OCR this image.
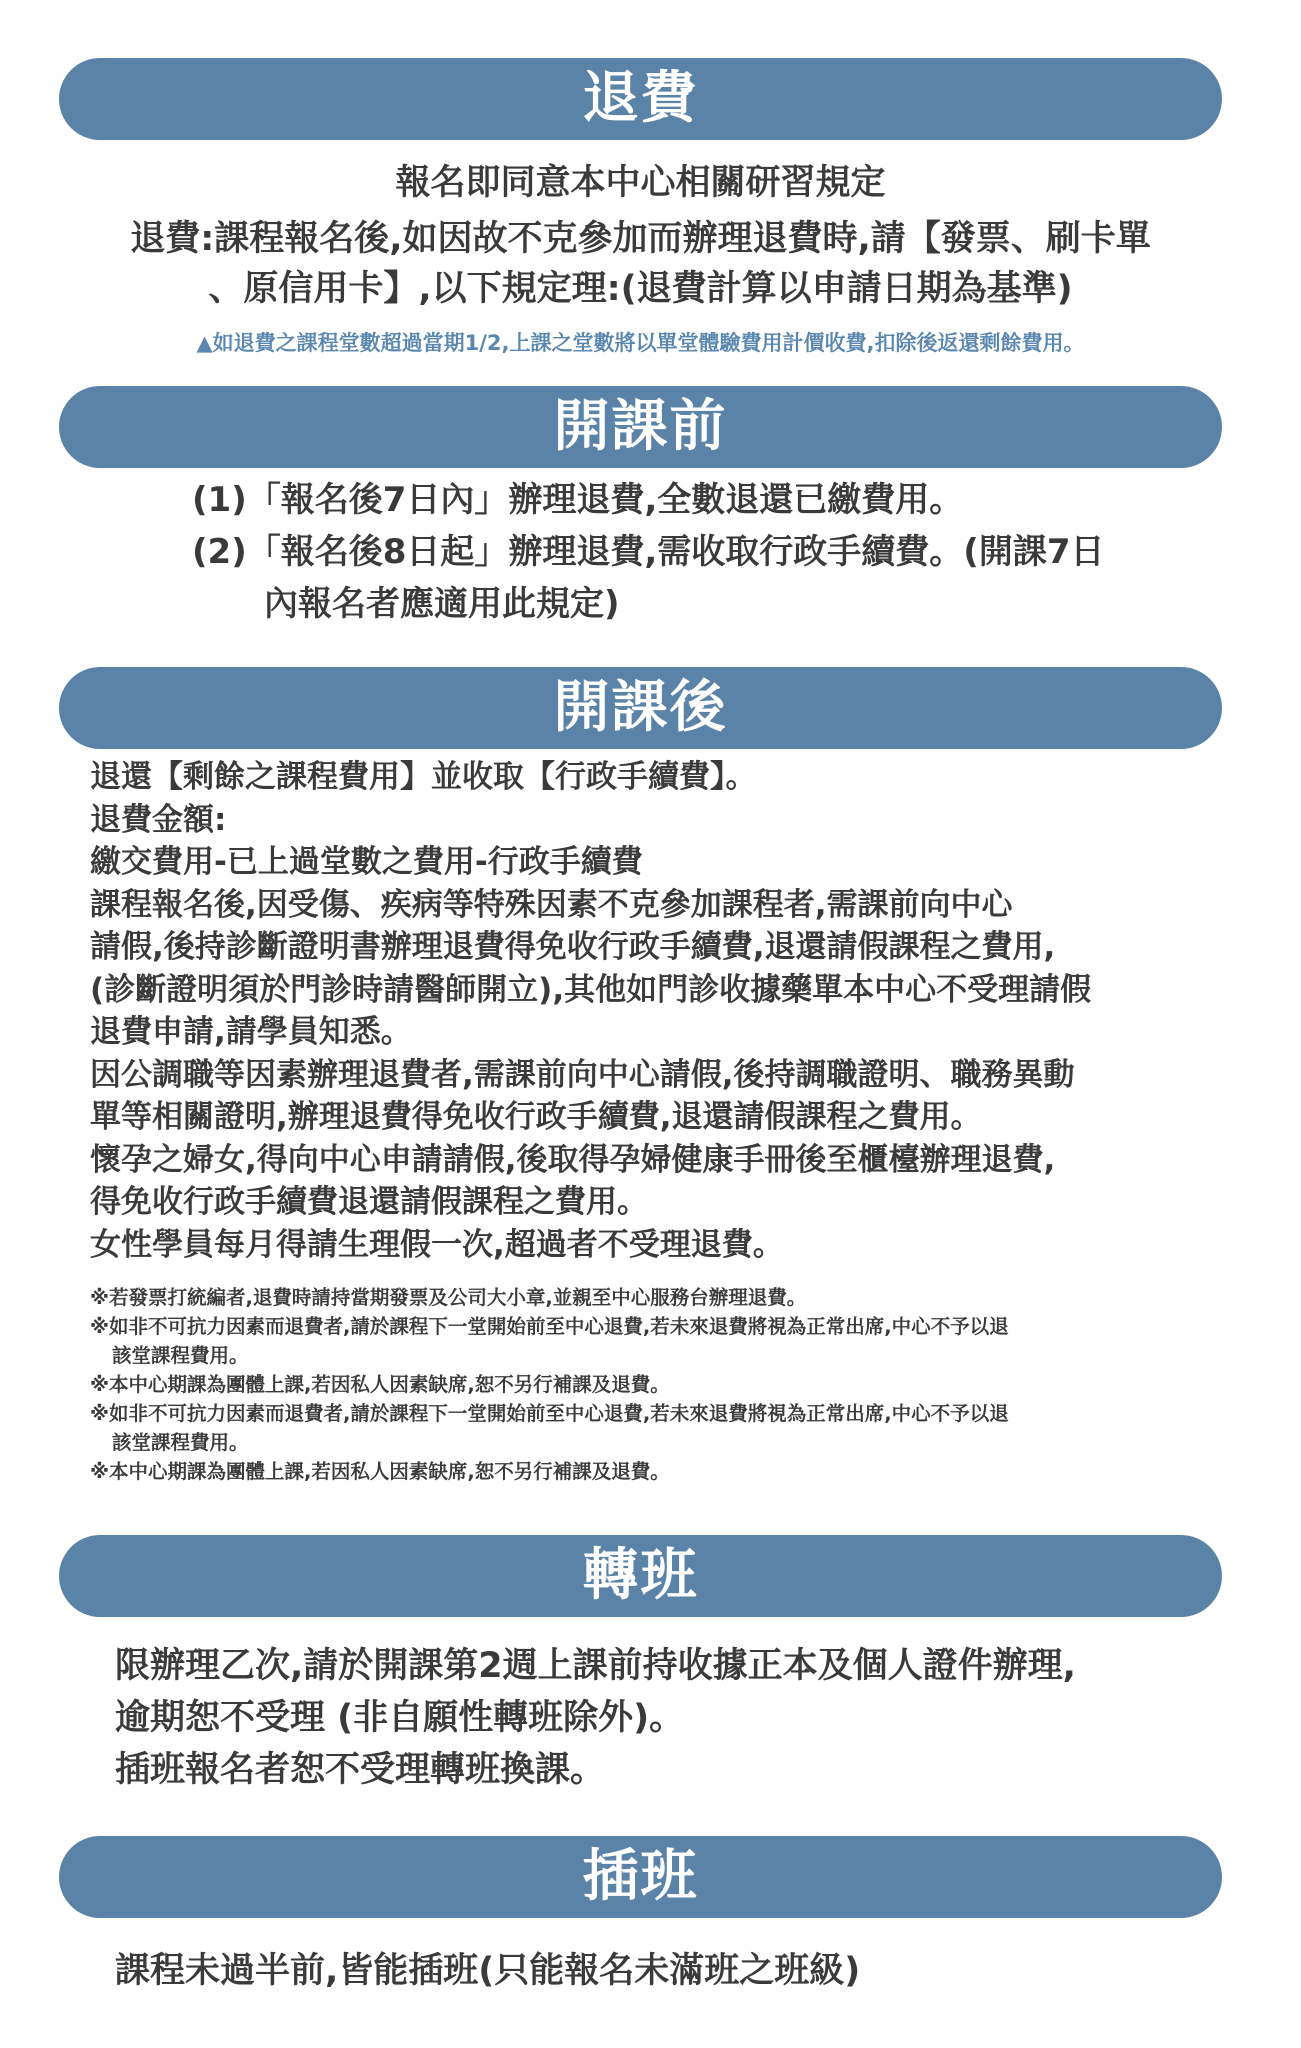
退費
報名即同意本中心相關研習規定
退費:課程報名後,如因故不克參加而辦理退費時,請【發票、刷卡單
、原信用卡】,以下規定理:(退費計算以申請日期為基準)
▲如退費之課程堂數超過當期1/2,上課之堂數將以單堂體驗費用計價收費,扣除後返還剩餘費用。
開課前
(1)「報名後7日內」辦理退費,全數退還已繳費用。
(2)「報名後8日起」辦理退費,需收取行政手續費。(開課7日
內報名者應適用此規定)
開課後
退還【剩餘之課程費用】並收取【行政手續費】。
退費金額:
繳交費用-已上過堂數之費用-行政手續費
課程報名後,因受傷、疾病等特殊因素不克參加課程者,需課前向中心
請假,後持診斷證明書辦理退費得免收行政手續費,退還請假課程之費用,
(診斷證明須於門診時請醫師開立),其他如門診收據藥單本中心不受理請假
退費申請,請學員知悉。
因公調職等因素辦理退費者,需課前向中心請假,後持調職證明、職務異動
單等相關證明,辦理退費得免收行政手續費,退還請假課程之費用。
懷孕之婦女,得向中心申請請假,後取得孕婦健康手冊後至櫃檯辦理退費,
得免收行政手續費退還請假課程之費用。
女性學員每月得請生理假一次,超過者不受理退費。
※若發票打統編者,退費時請持當期發票及公司大小章,並親至中心服務台辦理退費。
※如非不可抗力因素而退費者,請於課程下一堂開始前至中心退費,若未來退費將視為正常出席,中心不予以退
該堂課程費用。
※本中心期課為團體上課,若因私人因素缺席,恕不另行補課及退費。
※如非不可抗力因素而退費者,請於課程下一堂開始前至中心退費,若未來退費將視為正常出席,中心不予以退
該堂課程費用。
※本中心期課為團體上課,若因私人因素缺席,恕不另行補課及退費。
轉班
限辦理乙次,請於開課第2週上課前持收據正本及個人證件辦理,
逾期恕不受理 (非自願性轉班除外)。
插班報名者恕不受理轉班換課。
插班
課程未過半前,皆能插班(只能報名未滿班之班級)
